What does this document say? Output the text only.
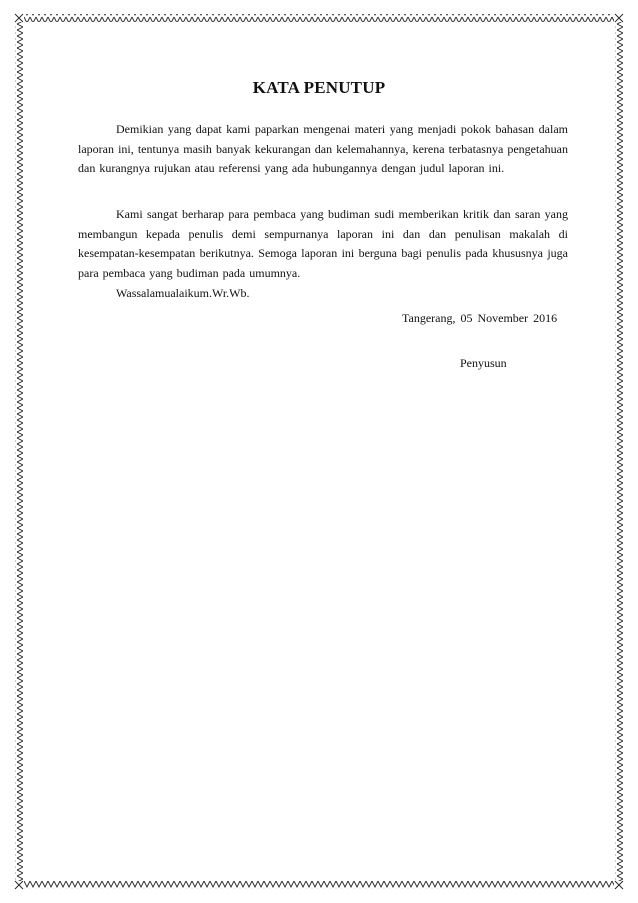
KATA PENUTUP

Demikian yang dapat kami paparkan mengenai materi yang menjadi pokok bahasan dalam laporan ini, tentunya masih banyak kekurangan dan kelemahannya, kerena terbatasnya pengetahuan dan kurangnya rujukan atau referensi yang ada hubungannya dengan judul laporan ini.

Kami sangat berharap para pembaca yang budiman sudi memberikan kritik dan saran yang membangun kepada penulis demi sempurnanya laporan ini dan dan penulisan makalah di kesempatan-kesempatan berikutnya. Semoga laporan ini berguna bagi penulis pada khususnya juga para pembaca yang budiman pada umumnya.

Wassalamualaikum.Wr.Wb.
Tangerang, 05 November 2016
Penyusun
